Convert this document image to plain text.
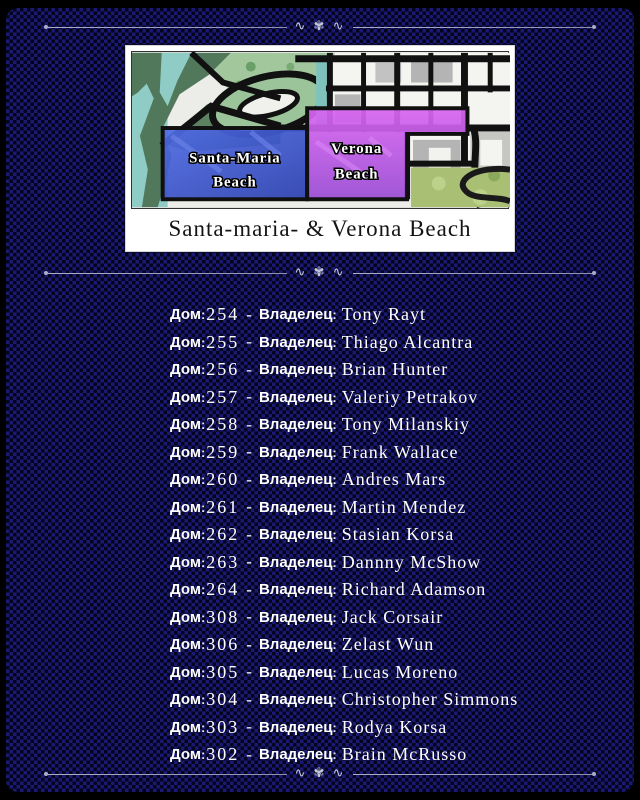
∿ ✾ ∿
Santa-Maria
Beach
Verona
Beach
Santa-maria- & Verona Beach
∿ ✾ ∿
Дом : 254 - Владелец : Tony Rayt
Дом : 255 - Владелец : Thiago Alcantra
Дом : 256 - Владелец : Brian Hunter
Дом : 257 - Владелец : Valeriy Petrakov
Дом : 258 - Владелец : Tony Milanskiy
Дом : 259 - Владелец : Frank Wallace
Дом : 260 - Владелец : Andres Mars
Дом : 261 - Владелец : Martin Mendez
Дом : 262 - Владелец : Stasian Korsa
Дом : 263 - Владелец : Dannny McShow
Дом : 264 - Владелец : Richard Adamson
Дом : 308 - Владелец : Jack Corsair
Дом : 306 - Владелец : Zelast Wun
Дом : 305 - Владелец : Lucas Moreno
Дом : 304 - Владелец : Christopher Simmons
Дом : 303 - Владелец : Rodya Korsa
Дом : 302 - Владелец : Brain McRusso
∿ ✾ ∿
